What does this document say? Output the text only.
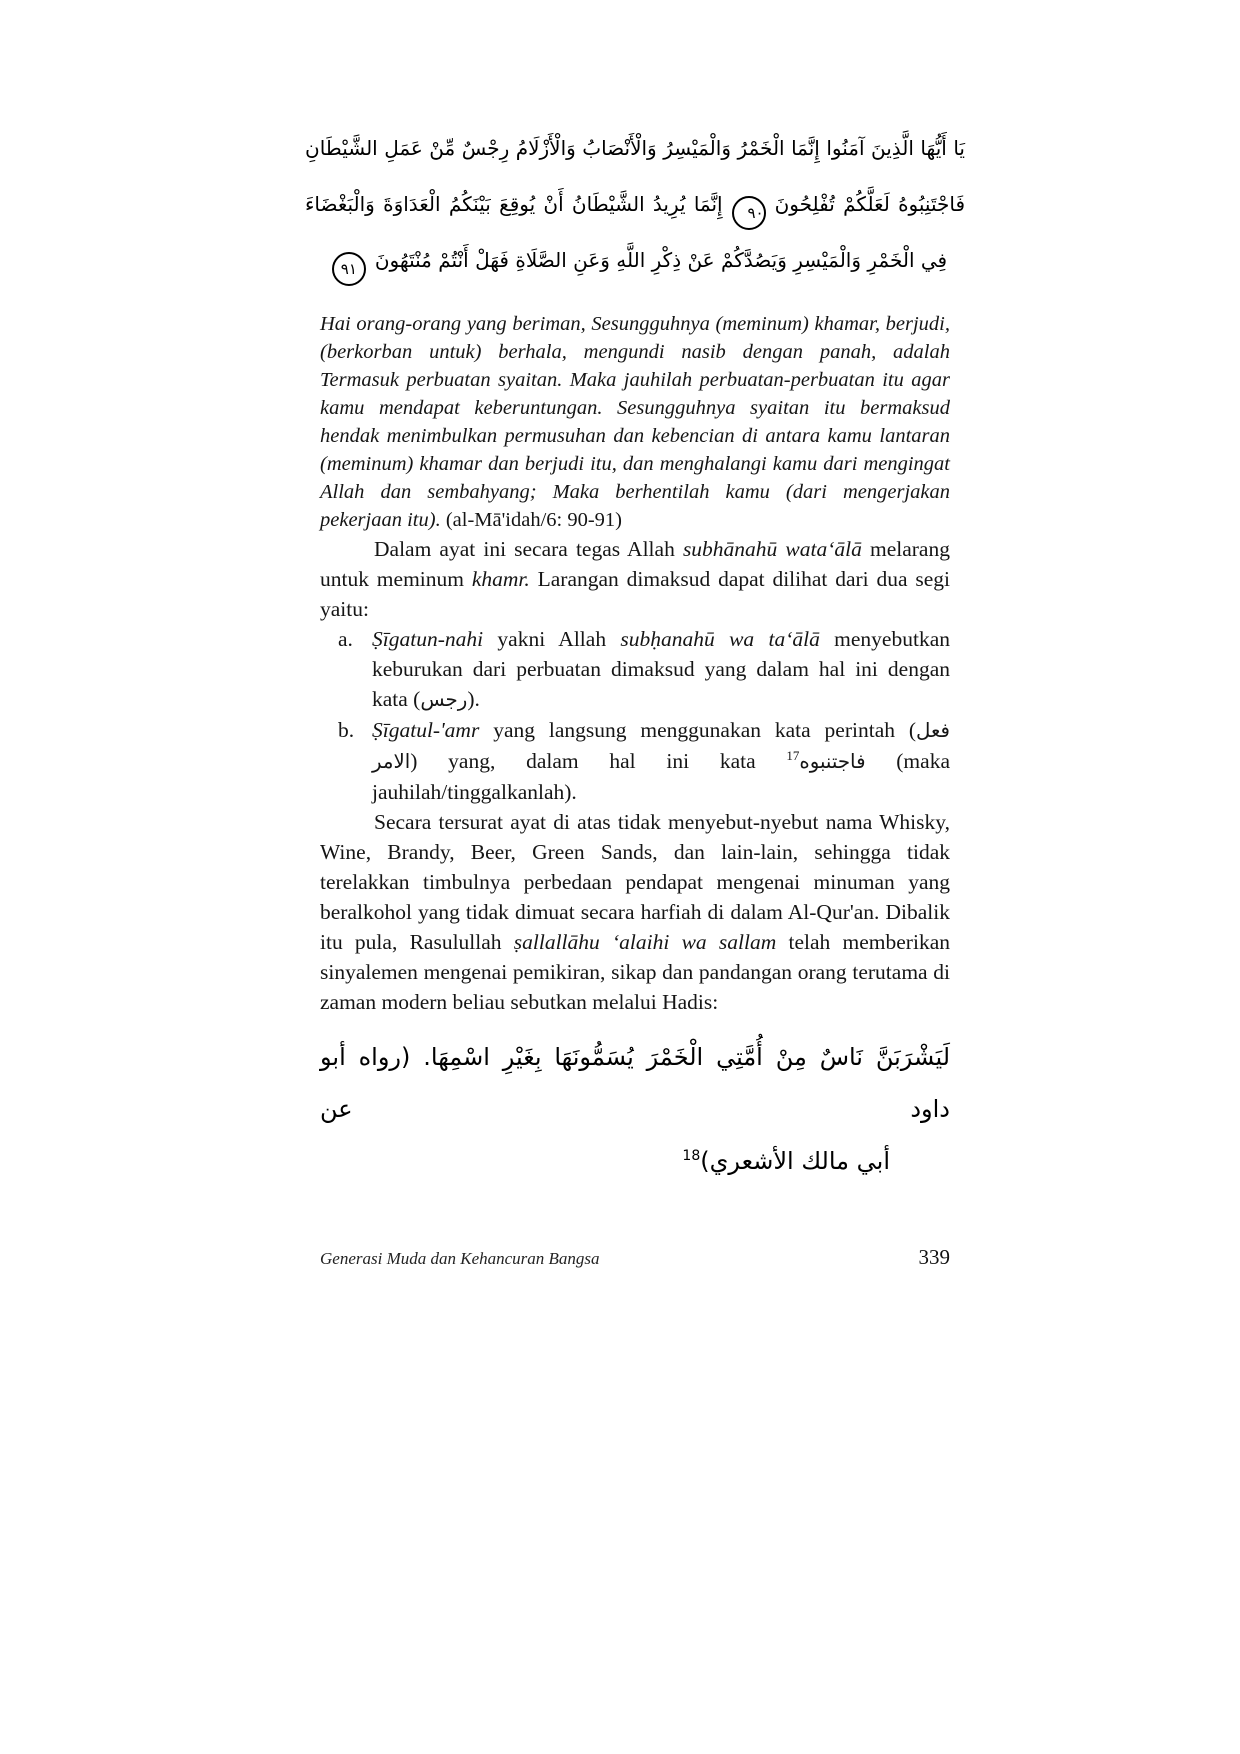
يَا أَيُّهَا الَّذِينَ آمَنُوا إِنَّمَا الْخَمْرُ وَالْمَيْسِرُ وَالْأَنْصَابُ وَالْأَزْلَامُ رِجْسٌ مِّنْ عَمَلِ الشَّيْطَانِ
فَاجْتَنِبُوهُ لَعَلَّكُمْ تُفْلِحُونَ٩٠إِنَّمَا يُرِيدُ الشَّيْطَانُ أَنْ يُوقِعَ بَيْنَكُمُ الْعَدَاوَةَ وَالْبَغْضَاءَ
فِي الْخَمْرِ وَالْمَيْسِرِ وَيَصُدَّكُمْ عَنْ ذِكْرِ اللَّهِ وَعَنِ الصَّلَاةِ فَهَلْ أَنْتُمْ مُنْتَهُونَ٩١
Hai orang-orang yang beriman, Sesungguhnya (meminum) khamar, berjudi, (berkorban untuk) berhala, mengundi nasib dengan panah, adalah Termasuk perbuatan syaitan. Maka jauhilah perbuatan-perbuatan itu agar kamu mendapat keberuntungan. Sesungguhnya syaitan itu bermaksud hendak menimbulkan permusuhan dan kebencian di antara kamu lantaran (meminum) khamar dan berjudi itu, dan menghalangi kamu dari mengingat Allah dan sembahyang; Maka berhentilah kamu (dari mengerjakan pekerjaan itu). (al-Mā'idah/6: 90-91)
Dalam ayat ini secara tegas Allah subhānahū wata‘ālā melarang untuk meminum khamr. Larangan dimaksud dapat dilihat dari dua segi yaitu:
a. Ṣīgatun-nahi yakni Allah subḥanahū wa ta‘ālā menyebutkan keburukan dari perbuatan dimaksud yang dalam hal ini dengan kata (رجس).
b. Ṣīgatul-'amr yang langsung menggunakan kata perintah (فعل الامر) yang, dalam hal ini kata فاجتنبوه$^{17}$	(maka jauhilah/tinggalkanlah).
Secara tersurat ayat di atas tidak menyebut-nyebut nama Whisky, Wine, Brandy, Beer, Green Sands, dan lain-lain, sehingga tidak terelakkan timbulnya perbedaan pendapat mengenai minuman yang beralkohol yang tidak dimuat secara harfiah di dalam Al-Qur'an. Dibalik itu pula, Rasulullah ṣallallāhu ‘alaihi wa sallam telah memberikan sinyalemen mengenai pemikiran, sikap dan pandangan orang terutama di zaman modern beliau sebutkan melalui Hadis:
لَيَشْرَبَنَّ نَاسٌ مِنْ أُمَّتِي الْخَمْرَ يُسَمُّونَهَا بِغَيْرِ اسْمِهَا. (رواه أبو داود عن
أبي مالك الأشعري)$^{18}$
Generasi Muda dan Kehancuran Bangsa	339
